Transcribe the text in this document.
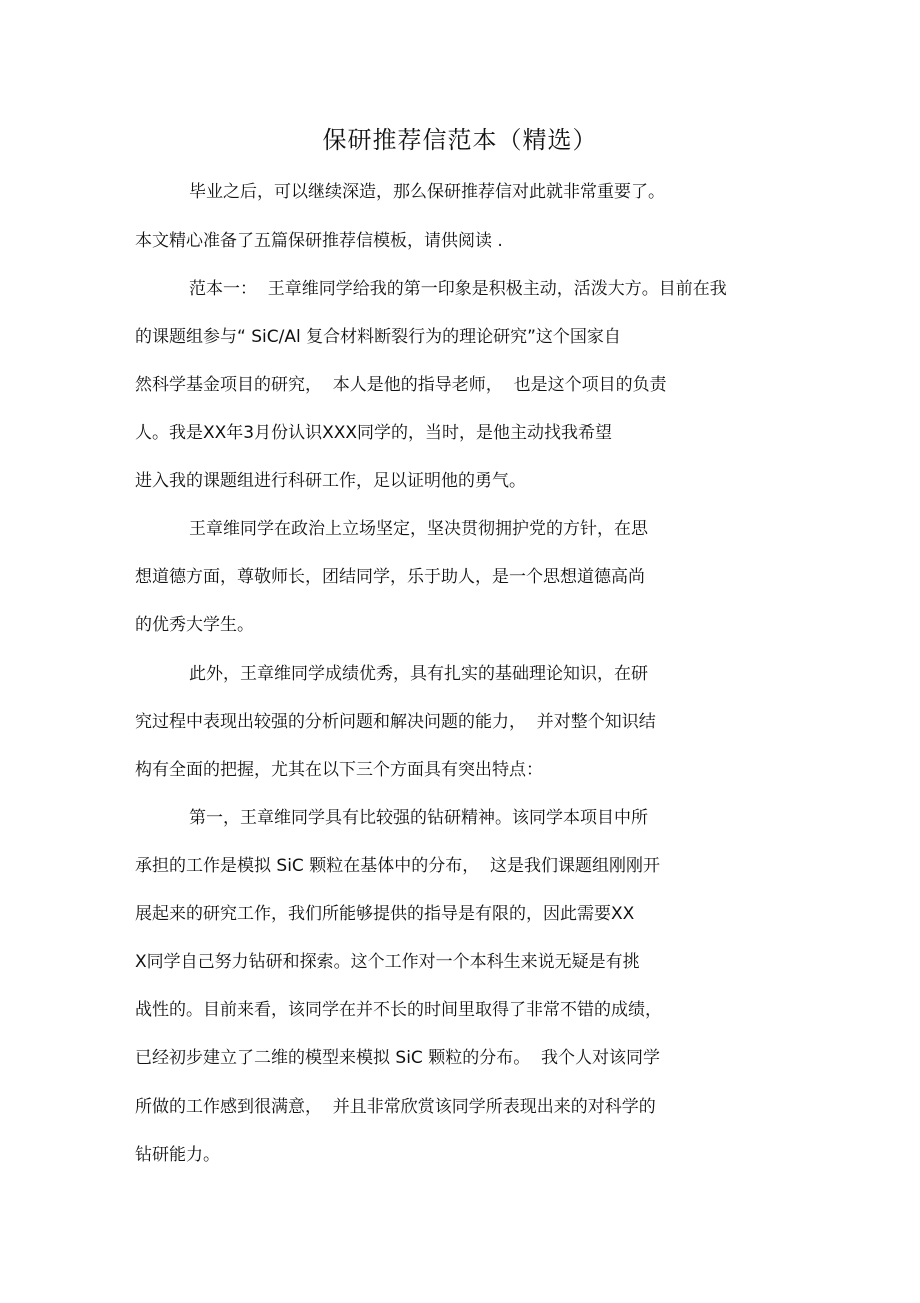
保研推荐信范本（精选）

毕业之后，可以继续深造，那么保研推荐信对此就非常重要了。

本文精心准备了五篇保研推荐信模板，请供阅读 .

范本一：  王章维同学给我的第一印象是积极主动，活泼大方。目前在我

的课题组参与“ SiC/Al 复合材料断裂行为的理论研究”这个国家自

然科学基金项目的研究，  本人是他的指导老师，  也是这个项目的负责

人。我是XX年3月份认识XXX同学的，当时，是他主动找我希望

进入我的课题组进行科研工作，足以证明他的勇气。

王章维同学在政治上立场坚定，坚决贯彻拥护党的方针，在思

想道德方面，尊敬师长，团结同学，乐于助人，是一个思想道德高尚

的优秀大学生。

此外，王章维同学成绩优秀，具有扎实的基础理论知识，在研

究过程中表现出较强的分析问题和解决问题的能力，  并对整个知识结

构有全面的把握，尤其在以下三个方面具有突出特点：

第一，王章维同学具有比较强的钻研精神。该同学本项目中所

承担的工作是模拟 SiC 颗粒在基体中的分布，  这是我们课题组刚刚开

展起来的研究工作，我们所能够提供的指导是有限的，因此需要XX

X同学自己努力钻研和探索。这个工作对一个本科生来说无疑是有挑

战性的。目前来看，该同学在并不长的时间里取得了非常不错的成绩，

已经初步建立了二维的模型来模拟 SiC 颗粒的分布。  我个人对该同学

所做的工作感到很满意，  并且非常欣赏该同学所表现出来的对科学的

钻研能力。
